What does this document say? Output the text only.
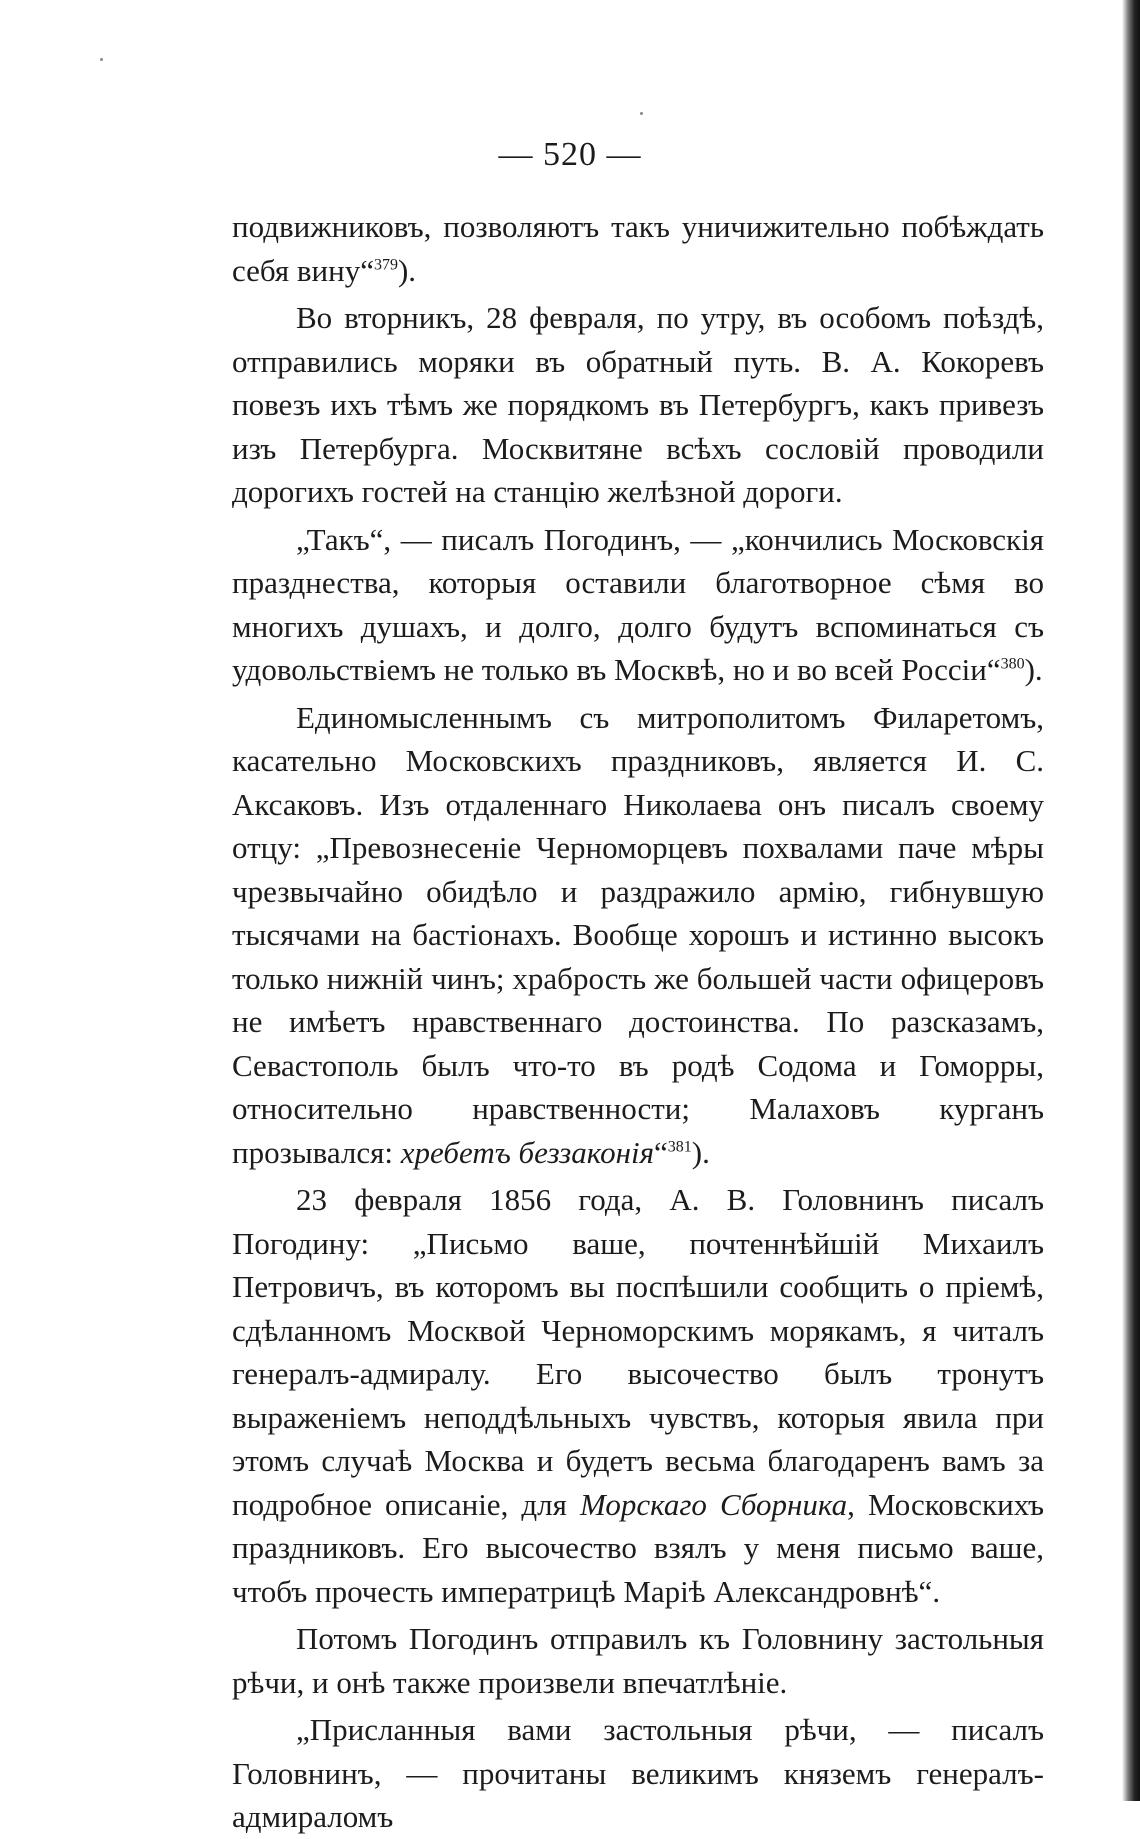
— 520 —

подвижниковъ, позволяютъ такъ уничижительно побѣждать себя вину“$^{379}$).

Во вторникъ, 28 февраля, по утру, въ особомъ поѣздѣ, отправились моряки въ обратный путь. В. А. Кокоревъ повезъ ихъ тѣмъ же порядкомъ въ Петербургъ, какъ привезъ изъ Петербурга. Москвитяне всѣхъ сословій проводили дорогихъ гостей на станцію желѣзной дороги.

„Такъ“, — писалъ Погодинъ, — „кончились Московскія празднества, которыя оставили благотворное сѣмя во многихъ душахъ, и долго, долго будутъ вспоминаться съ удовольствіемъ не только въ Москвѣ, но и во всей Россіи“$^{380}$).

Единомысленнымъ съ митрополитомъ Филаретомъ, касательно Московскихъ праздниковъ, является И. С. Аксаковъ. Изъ отдаленнаго Николаева онъ писалъ своему отцу: „Превознесеніе Черноморцевъ похвалами паче мѣры чрезвычайно обидѣло и раздражило армію, гибнувшую тысячами на бастіонахъ. Вообще хорошъ и истинно высокъ только нижній чинъ; храбрость же большей части офицеровъ не имѣетъ нравственнаго достоинства. По разсказамъ, Севастополь былъ что-то въ родѣ Содома и Гоморры, относительно нравственности; Малаховъ курганъ прозывался: хребетъ беззаконія“$^{381}$).

23 февраля 1856 года, А. В. Головнинъ писалъ Погодину: „Письмо ваше, почтеннѣйшій Михаилъ Петровичъ, въ которомъ вы поспѣшили сообщить о пріемѣ, сдѣланномъ Москвой Черноморскимъ морякамъ, я читалъ генералъ-адмиралу. Его высочество былъ тронутъ выраженіемъ неподдѣльныхъ чувствъ, которыя явила при этомъ случаѣ Москва и будетъ весьма благодаренъ вамъ за подробное описаніе, для Морскаго Сборника, Московскихъ праздниковъ. Его высочество взялъ у меня письмо ваше, чтобъ прочесть императрицѣ Маріѣ Александровнѣ“.

Потомъ Погодинъ отправилъ къ Головнину застольныя рѣчи, и онѣ также произвели впечатлѣніе.

„Присланныя вами застольныя рѣчи, — писалъ Головнинъ, — прочитаны великимъ княземъ генералъ-адмираломъ
